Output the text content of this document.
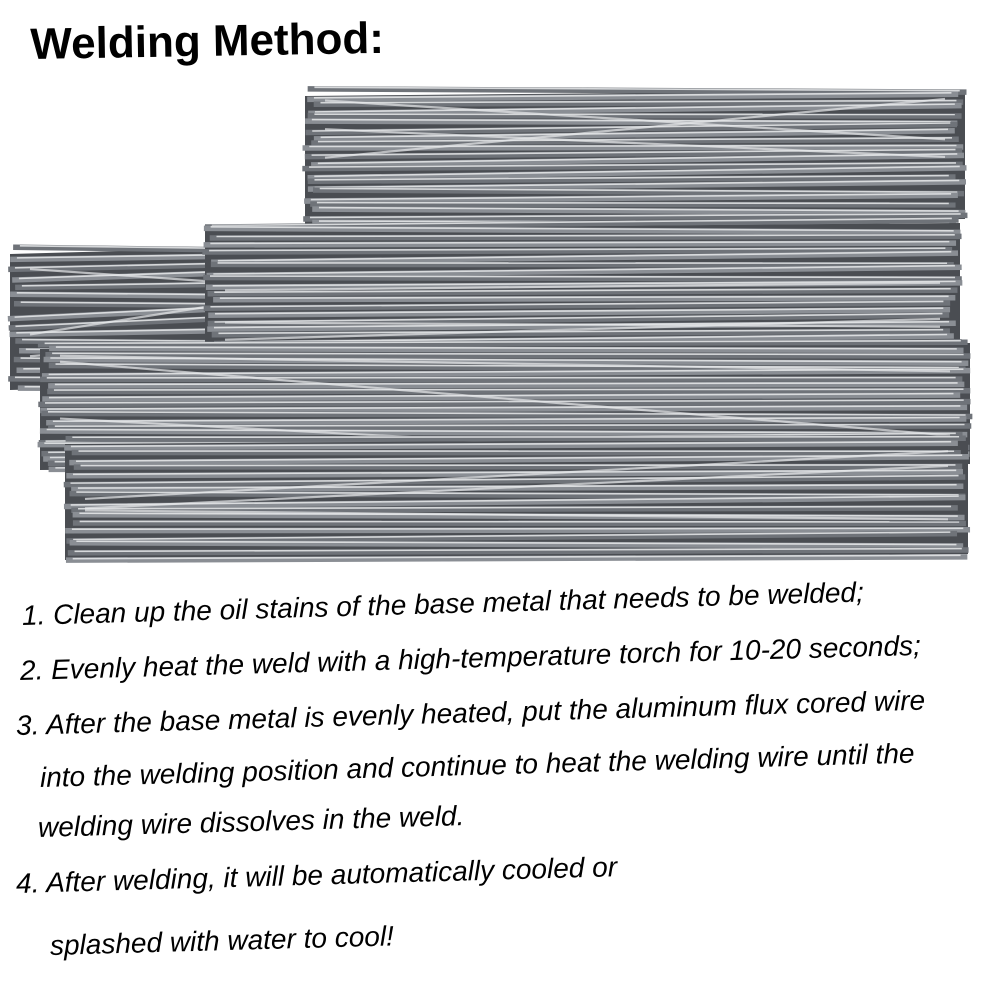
Welding Method:
1. Clean up the oil stains of the base metal that needs to be welded;
2. Evenly heat the weld with a high-temperature torch for 10-20 seconds;
3. After the base metal is evenly heated, put the aluminum flux cored wire
into the welding position and continue to heat the welding wire until the
welding wire dissolves in the weld.
4. After welding, it will be automatically cooled or
splashed with water to cool!
